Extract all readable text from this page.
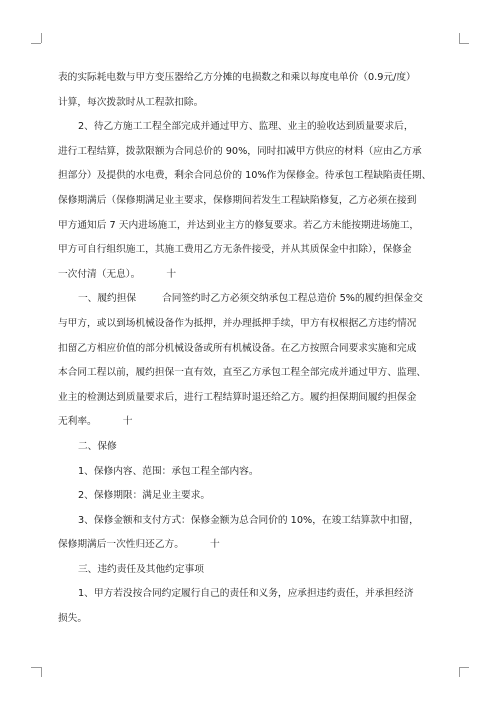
表的实际耗电数与甲方变压器给乙方分摊的电损数之和乘以每度电单价（0.9元/度）
计算，每次拨款时从工程款扣除。
2、待乙方施工工程全部完成并通过甲方、监理、业主的验收达到质量要求后，
进行工程结算，拨款限额为合同总价的 90%，同时扣减甲方供应的材料（应由乙方承
担部分）及提供的水电费，剩余合同总价的 10%作为保修金。待承包工程缺陷责任期、
保修期满后（保修期满足业主要求，保修期间若发生工程缺陷修复，乙方必须在接到
甲方通知后 7 天内进场施工，并达到业主方的修复要求。若乙方未能按期进场施工，
甲方可自行组织施工，其施工费用乙方无条件接受，并从其质保金中扣除），保修金
一次付清（无息）。	十
一、履约担保	合同签约时乙方必须交纳承包工程总造价 5%的履约担保金交
与甲方，或以到场机械设备作为抵押，并办理抵押手续，甲方有权根据乙方违约情况
扣留乙方相应价值的部分机械设备或所有机械设备。在乙方按照合同要求实施和完成
本合同工程以前，履约担保一直有效，直至乙方承包工程全部完成并通过甲方、监理、
业主的检测达到质量要求后，进行工程结算时退还给乙方。履约担保期间履约担保金
无利率。	十
二、保修
1、保修内容、范围：承包工程全部内容。
2、保修期限：满足业主要求。
3、保修金额和支付方式：保修金额为总合同价的 10%，在竣工结算款中扣留，
保修期满后一次性归还乙方。	十
三、违约责任及其他约定事项
1、甲方若没按合同约定履行自己的责任和义务，应承担违约责任，并承担经济
损失。
